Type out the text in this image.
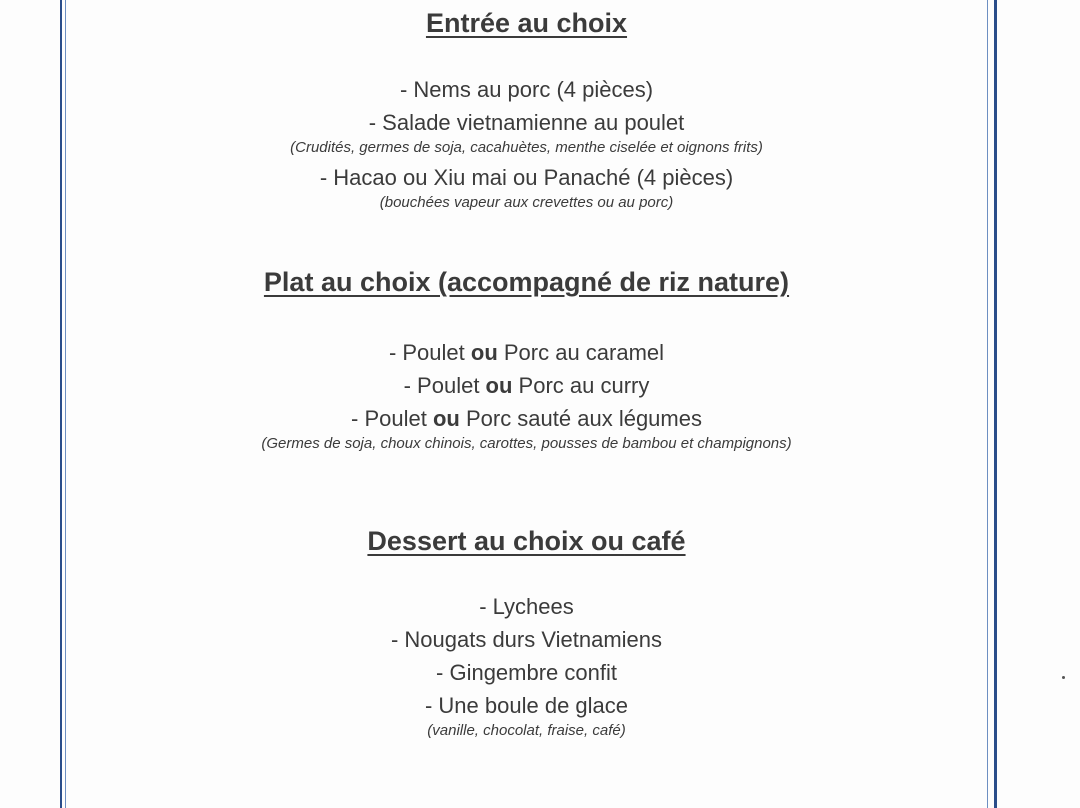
Entrée au choix
- Nems au porc (4 pièces)
- Salade vietnamienne au poulet
(Crudités, germes de soja, cacahuètes, menthe ciselée et oignons frits)
- Hacao ou Xiu mai ou Panaché (4 pièces)
(bouchées vapeur aux crevettes ou au porc)
Plat au choix (accompagné de riz nature)
- Poulet ou Porc au caramel
- Poulet ou Porc au curry
- Poulet ou Porc sauté aux légumes
(Germes de soja, choux chinois, carottes, pousses de bambou et champignons)
Dessert au choix ou café
- Lychees
- Nougats durs Vietnamiens
- Gingembre confit
- Une boule de glace
(vanille, chocolat, fraise, café)
